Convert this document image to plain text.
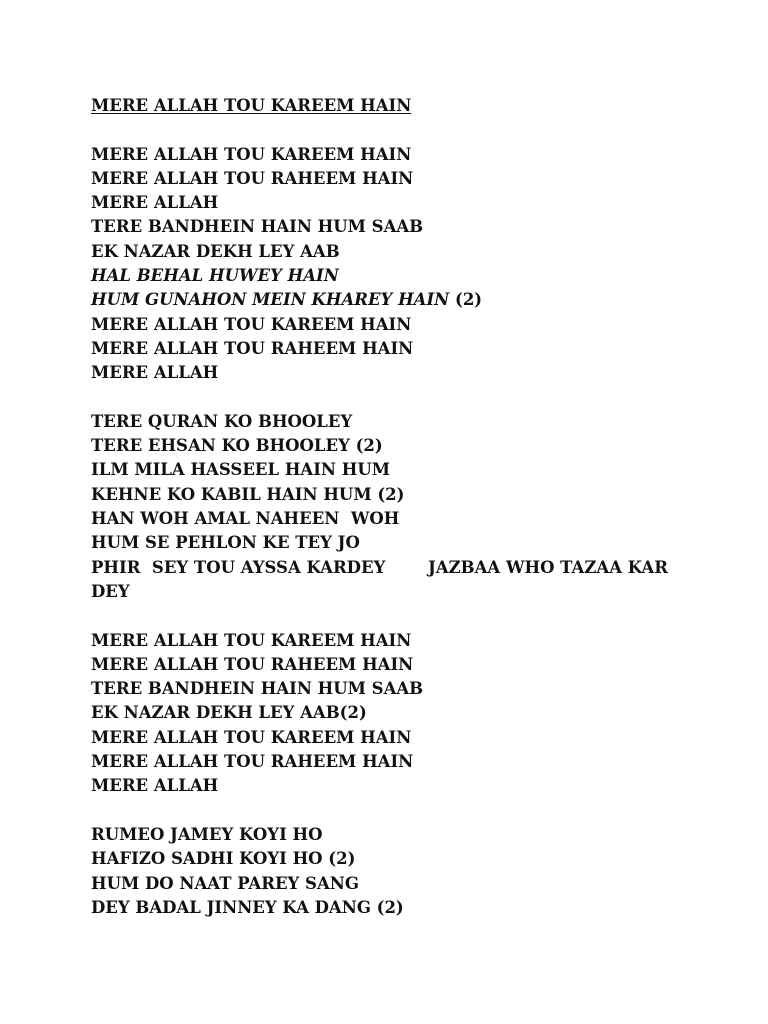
MERE ALLAH TOU KAREEM HAIN
MERE ALLAH TOU KAREEM HAIN
MERE ALLAH TOU RAHEEM HAIN
MERE ALLAH
TERE BANDHEIN HAIN HUM SAAB
EK NAZAR DEKH LEY AAB
HAL BEHAL HUWEY HAIN
HUM GUNAHON MEIN KHAREY HAIN (2)
MERE ALLAH TOU KAREEM HAIN
MERE ALLAH TOU RAHEEM HAIN
MERE ALLAH
TERE QURAN KO BHOOLEY
TERE EHSAN KO BHOOLEY (2)
ILM MILA HASSEEL HAIN HUM
KEHNE KO KABIL HAIN HUM (2)
HAN WOH AMAL NAHEEN  WOH
HUM SE PEHLON KE TEY JO
PHIR  SEY TOU AYSSA KARDEY	JAZBAA WHO TAZAA KAR
DEY
MERE ALLAH TOU KAREEM HAIN
MERE ALLAH TOU RAHEEM HAIN
TERE BANDHEIN HAIN HUM SAAB
EK NAZAR DEKH LEY AAB(2)
MERE ALLAH TOU KAREEM HAIN
MERE ALLAH TOU RAHEEM HAIN
MERE ALLAH
RUMEO JAMEY KOYI HO
HAFIZO SADHI KOYI HO (2)
HUM DO NAAT PAREY SANG
DEY BADAL JINNEY KA DANG (2)
